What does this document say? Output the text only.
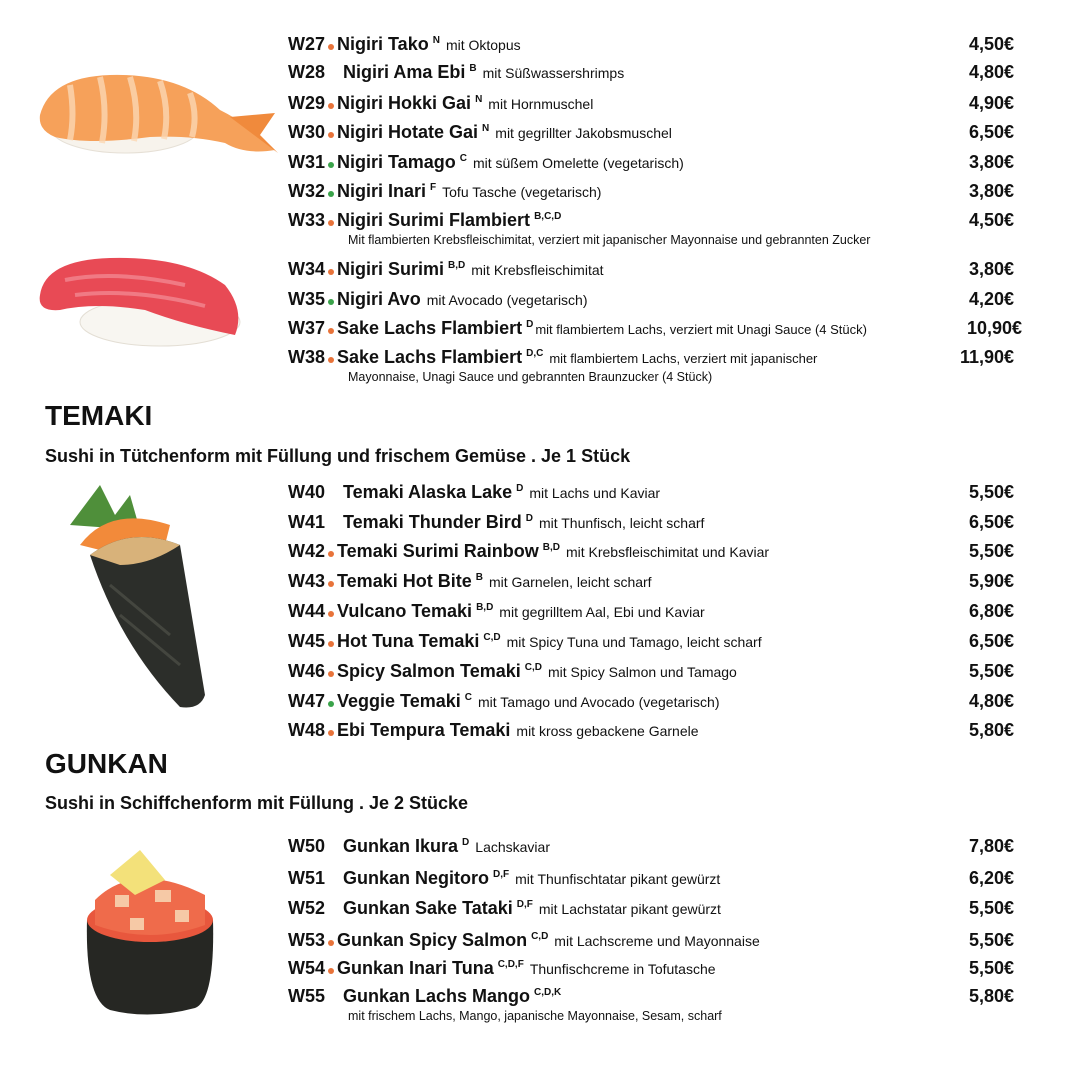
W27 Nigiri Tako N mit Oktopus	4,50€
W28 Nigiri Ama Ebi B mit Süßwassershrimps	4,80€
W29 Nigiri Hokki Gai N mit Hornmuschel	4,90€
W30 Nigiri Hotate Gai N mit gegrillter Jakobsmuschel	6,50€
W31 Nigiri Tamago C mit süßem Omelette (vegetarisch)	3,80€
W32 Nigiri Inari F Tofu Tasche (vegetarisch)	3,80€
W33 Nigiri Surimi Flambiert B,C,D	4,50€
Mit flambierten Krebsfleischimitat, verziert mit japanischer Mayonnaise und gebrannten Zucker
W34 Nigiri Surimi B,D mit Krebsfleischimitat	3,80€
W35 Nigiri Avo mit Avocado (vegetarisch)	4,20€
W37 Sake Lachs Flambiert D mit flambiertem Lachs, verziert mit Unagi Sauce (4 Stück)	10,90€
W38 Sake Lachs Flambiert D,C mit flambiertem Lachs, verziert mit japanischer	11,90€
Mayonnaise, Unagi Sauce und gebrannten Braunzucker (4 Stück)
TEMAKI
Sushi in Tütchenform mit Füllung und frischem Gemüse . Je 1 Stück
W40 Temaki Alaska Lake D mit Lachs und Kaviar	5,50€
W41 Temaki Thunder Bird D mit Thunfisch, leicht scharf	6,50€
W42 Temaki Surimi Rainbow B,D mit Krebsfleischimitat und Kaviar	5,50€
W43 Temaki Hot Bite B mit Garnelen, leicht scharf	5,90€
W44 Vulcano Temaki B,D mit gegrilltem Aal, Ebi und Kaviar	6,80€
W45 Hot Tuna Temaki C,D mit Spicy Tuna und Tamago, leicht scharf	6,50€
W46 Spicy Salmon Temaki C,D mit Spicy Salmon und Tamago	5,50€
W47 Veggie Temaki C mit Tamago und Avocado (vegetarisch)	4,80€
W48 Ebi Tempura Temaki mit kross gebackene Garnele	5,80€
GUNKAN
Sushi in Schiffchenform mit Füllung . Je 2 Stücke
W50 Gunkan Ikura D Lachskaviar	7,80€
W51 Gunkan Negitoro D,F mit Thunfischtatar pikant gewürzt	6,20€
W52 Gunkan Sake Tataki D,F mit Lachstatar pikant gewürzt	5,50€
W53 Gunkan Spicy Salmon C,D mit Lachscreme und Mayonnaise	5,50€
W54 Gunkan Inari Tuna C,D,F Thunfischcreme in Tofutasche	5,50€
W55 Gunkan Lachs Mango C,D,K	5,80€
mit frischem Lachs, Mango, japanische Mayonnaise, Sesam, scharf
